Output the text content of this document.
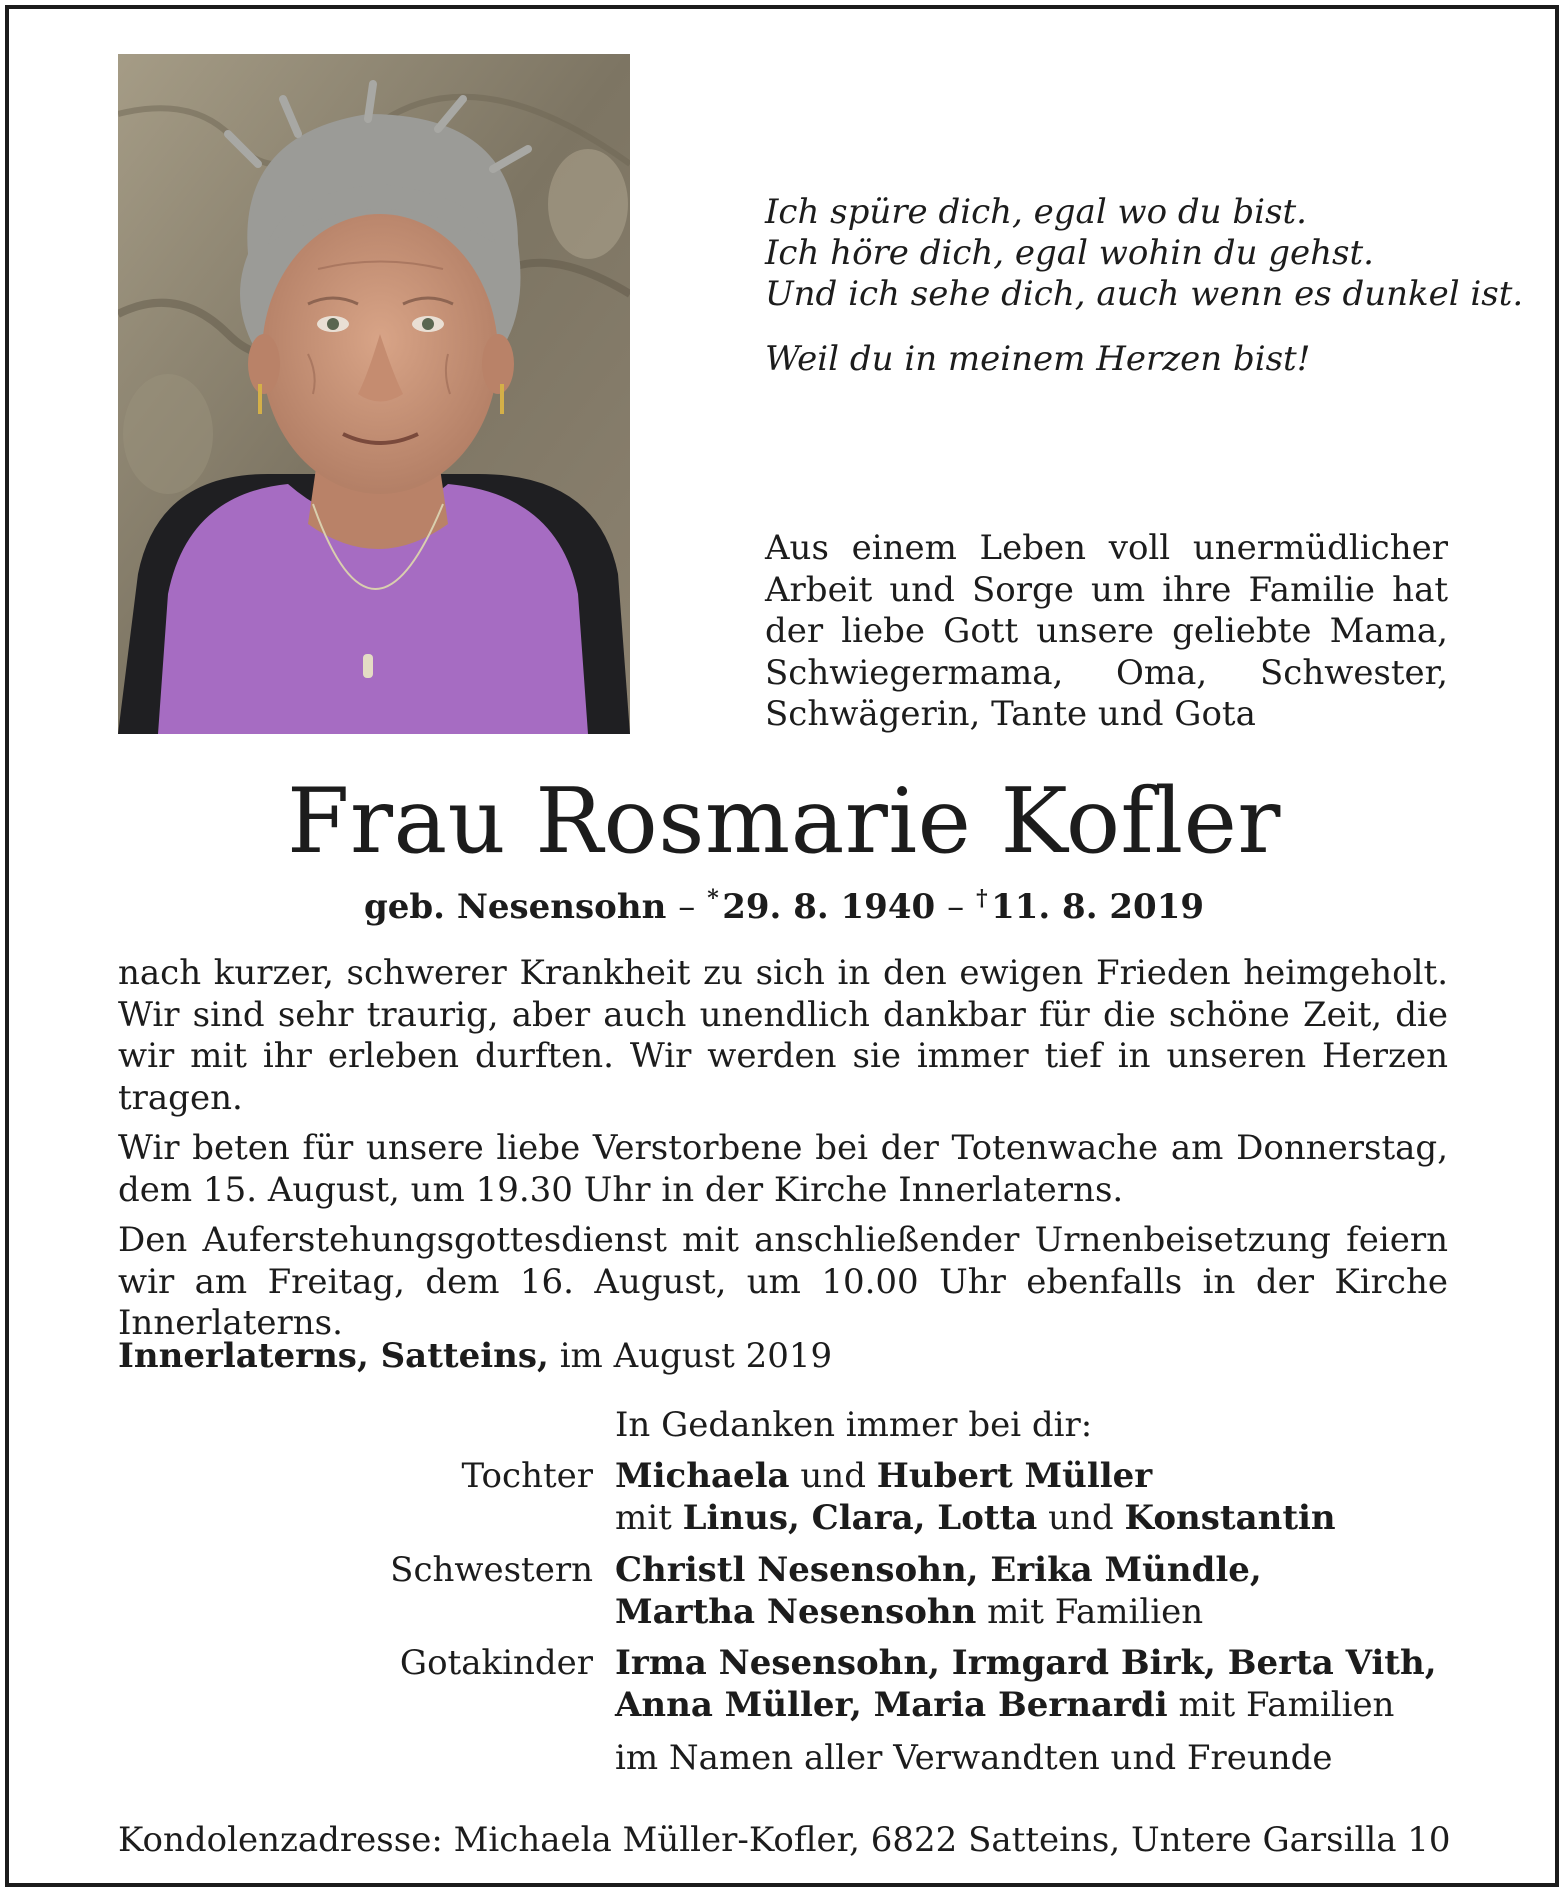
Ich spüre dich, egal wo du bist.
Ich höre dich, egal wohin du gehst.
Und ich sehe dich, auch wenn es dunkel ist.
Weil du in meinem Herzen bist!
Aus einem Leben voll unermüdlicher Arbeit und Sorge um ihre Familie hat der liebe Gott unsere geliebte Mama, Schwiegermama, Oma, Schwester, Schwägerin, Tante und Gota
Frau Rosmarie Kofler
geb. Nesensohn – * 29. 8. 1940 – † 11. 8. 2019

nach kurzer, schwerer Krankheit zu sich in den ewigen Frieden heimgeholt. Wir sind sehr traurig, aber auch unendlich dankbar für die schöne Zeit, die wir mit ihr erleben durften. Wir werden sie immer tief in unseren Herzen tragen.

Wir beten für unsere liebe Verstorbene bei der Totenwache am Donnerstag, dem 15. August, um 19.30 Uhr in der Kirche Innerlaterns.

Den Auferstehungsgottesdienst mit anschließender Urnenbeisetzung feiern wir am Freitag, dem 16. August, um 10.00 Uhr ebenfalls in der Kirche Innerlaterns.

Innerlaterns, Satteins, im August 2019
In Gedanken immer bei dir:
Tochter Michaela und Hubert Müller
mit Linus, Clara, Lotta und Konstantin
Schwestern Christl Nesensohn, Erika Mündle,
Martha Nesensohn mit Familien
Gotakinder Irma Nesensohn, Irmgard Birk, Berta Vith,
Anna Müller, Maria Bernardi mit Familien
im Namen aller Verwandten und Freunde
Kondolenzadresse: Michaela Müller-Kofler, 6822 Satteins, Untere Garsilla 10
